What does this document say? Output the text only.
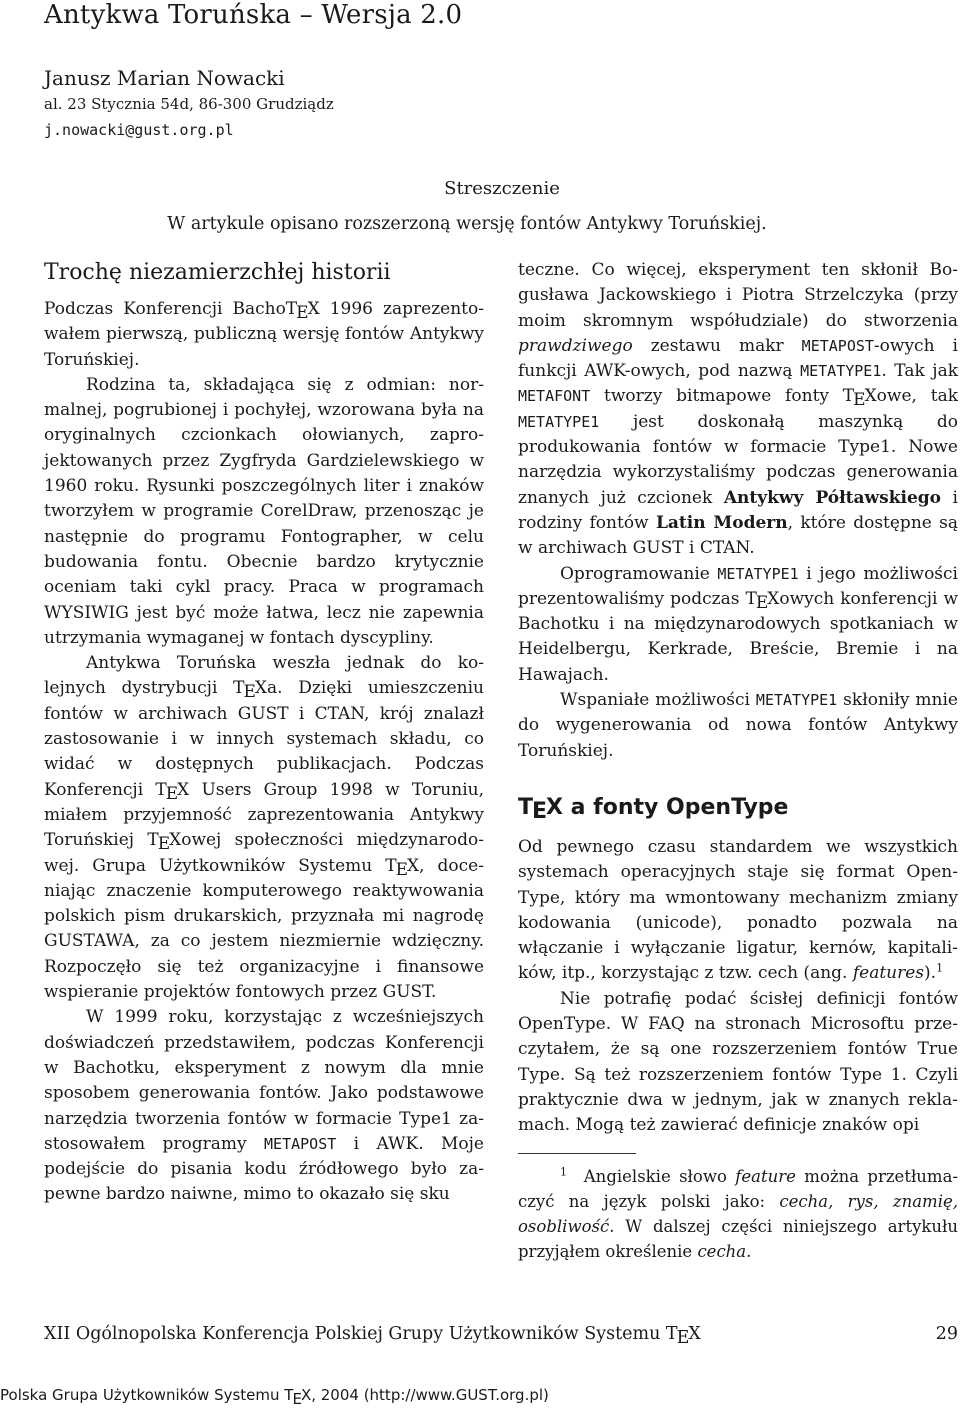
Antykwa Toruńska – Wersja 2.0
Janusz Marian Nowacki
al. 23 Stycznia 54d, 86-300 Grudziądz
j.nowacki@gust.org.pl
Streszczenie
W artykule opisano rozszerzoną wersję fontów Antykwy Toruńskiej.
Trochę niezamierzchłej historii

Podczas Konferencji BachoTEX 1996 zaprezentowałem pierwszą, publiczną wersję fontów Antykwy Toruńskiej.

Rodzina ta, składająca się z odmian: normalnej, pogrubionej i pochyłej, wzorowana była na oryginalnych czcionkach ołowianych, zaprojektowanych przez Zygfryda Gardzielewskiego w 1960 roku. Rysunki poszczególnych liter i znaków tworzyłem w programie CorelDraw, przenosząc je następnie do programu Fontographer, w celu budowania fontu. Obecnie bardzo krytycznie oceniam taki cykl pracy. Praca w programach WYSIWIG jest być może łatwa, lecz nie zapewnia utrzymania wymaganej w fontach dyscypliny.

Antykwa Toruńska weszła jednak do kolejnych dystrybucji TEXa. Dzięki umieszczeniu fontów w archiwach GUST i CTAN, krój znalazł zastosowanie i w innych systemach składu, co widać w dostępnych publikacjach. Podczas Konferencji TEX Users Group 1998 w Toruniu, miałem przyjemność zaprezentowania Antykwy Toruńskiej TEXowej społeczności międzynarodowej. Grupa Użytkowników Systemu TEX, doceniając znaczenie komputerowego reaktywowania polskich pism drukarskich, przyznała mi nagrodę GUSTAWA, za co jestem niezmiernie wdzięczny. Rozpoczęło się też organizacyjne i finansowe wspieranie projektów fontowych przez GUST.

W 1999 roku, korzystając z wcześniejszych doświadczeń przedstawiłem, podczas Konferencji w Bachotku, eksperyment z nowym dla mnie sposobem generowania fontów. Jako podstawowe narzędzia tworzenia fontów w formacie Type1 zastosowałem programy METAPOST i AWK. Moje podejście do pisania kodu źródłowego było zapewne bardzo naiwne, mimo to okazało się sku

teczne. Co więcej, eksperyment ten skłonił Bogusława Jackowskiego i Piotra Strzelczyka (przy moim skromnym współudziale) do stworzenia prawdziwego zestawu makr METAPOST-owych i funkcji AWK-owych, pod nazwą METATYPE1. Tak jak METAFONT tworzy bitmapowe fonty TEXowe, tak METATYPE1 jest doskonałą maszynką do produkowania fontów w formacie Type1. Nowe narzędzia wykorzystaliśmy podczas generowania znanych już czcionek Antykwy Półtawskiego i rodziny fontów Latin Modern, które dostępne są w archiwach GUST i CTAN.

Oprogramowanie METATYPE1 i jego możliwości prezentowaliśmy podczas TEXowych konferencji w Bachotku i na międzynarodowych spotkaniach w Heidelbergu, Kerkrade, Breście, Bremie i na Hawajach.

Wspaniałe możliwości METATYPE1 skłoniły mnie do wygenerowania od nowa fontów Antykwy Toruńskiej.

TEX a fonty OpenType

Od pewnego czasu standardem we wszystkich systemach operacyjnych staje się format OpenType, który ma wmontowany mechanizm zmiany kodowania (unicode), ponadto pozwala na włączanie i wyłączanie ligatur, kernów, kapitalików, itp., korzystając z tzw. cech (ang. features).$^1$

Nie potrafię podać ścisłej definicji fontów OpenType. W FAQ na stronach Microsoftu przeczytałem, że są one rozszerzeniem fontów True Type. Są też rozszerzeniem fontów Type 1. Czyli praktycznie dwa w jednym, jak w znanych reklamach. Mogą też zawierać definicje znaków opi

$^1$  Angielskie słowo feature można przetłumaczyć na język polski jako: cecha, rys, znamię, osobliwość. W dalszej części niniejszego artykułu przyjąłem określenie cecha.

XII Ogólnopolska Konferencja Polskiej Grupy Użytkowników Systemu TEX	29
Polska Grupa Użytkowników Systemu TEX, 2004 (http://www.GUST.org.pl)
